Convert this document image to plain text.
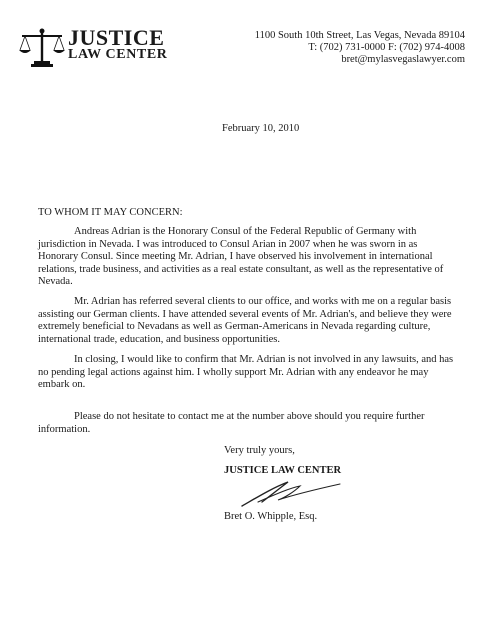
JUSTICE
LAW CENTER
1100 South 10th Street, Las Vegas, Nevada 89104
T: (702) 731-0000 F: (702) 974-4008
bret@mylasvegaslawyer.com
February 10, 2010
TO WHOM IT MAY CONCERN:

Andreas Adrian is the Honorary Consul of the Federal Republic of Germany with jurisdiction in Nevada. I was introduced to Consul Arian in 2007 when he was sworn in as Honorary Consul. Since meeting Mr. Adrian, I have observed his involvement in international relations, trade business, and activities as a real estate consultant, as well as the representative of Nevada.

Mr. Adrian has referred several clients to our office, and works with me on a regular basis assisting our German clients. I have attended several events of Mr. Adrian's, and believe they were extremely beneficial to Nevadans as well as German-Americans in Nevada regarding culture, international trade, education, and business opportunities.

In closing, I would like to confirm that Mr. Adrian is not involved in any lawsuits, and has no pending legal actions against him. I wholly support Mr. Adrian with any endeavor he may embark on.

Please do not hesitate to contact me at the number above should you require further information.

Very truly yours,
JUSTICE LAW CENTER
Bret O. Whipple, Esq.
